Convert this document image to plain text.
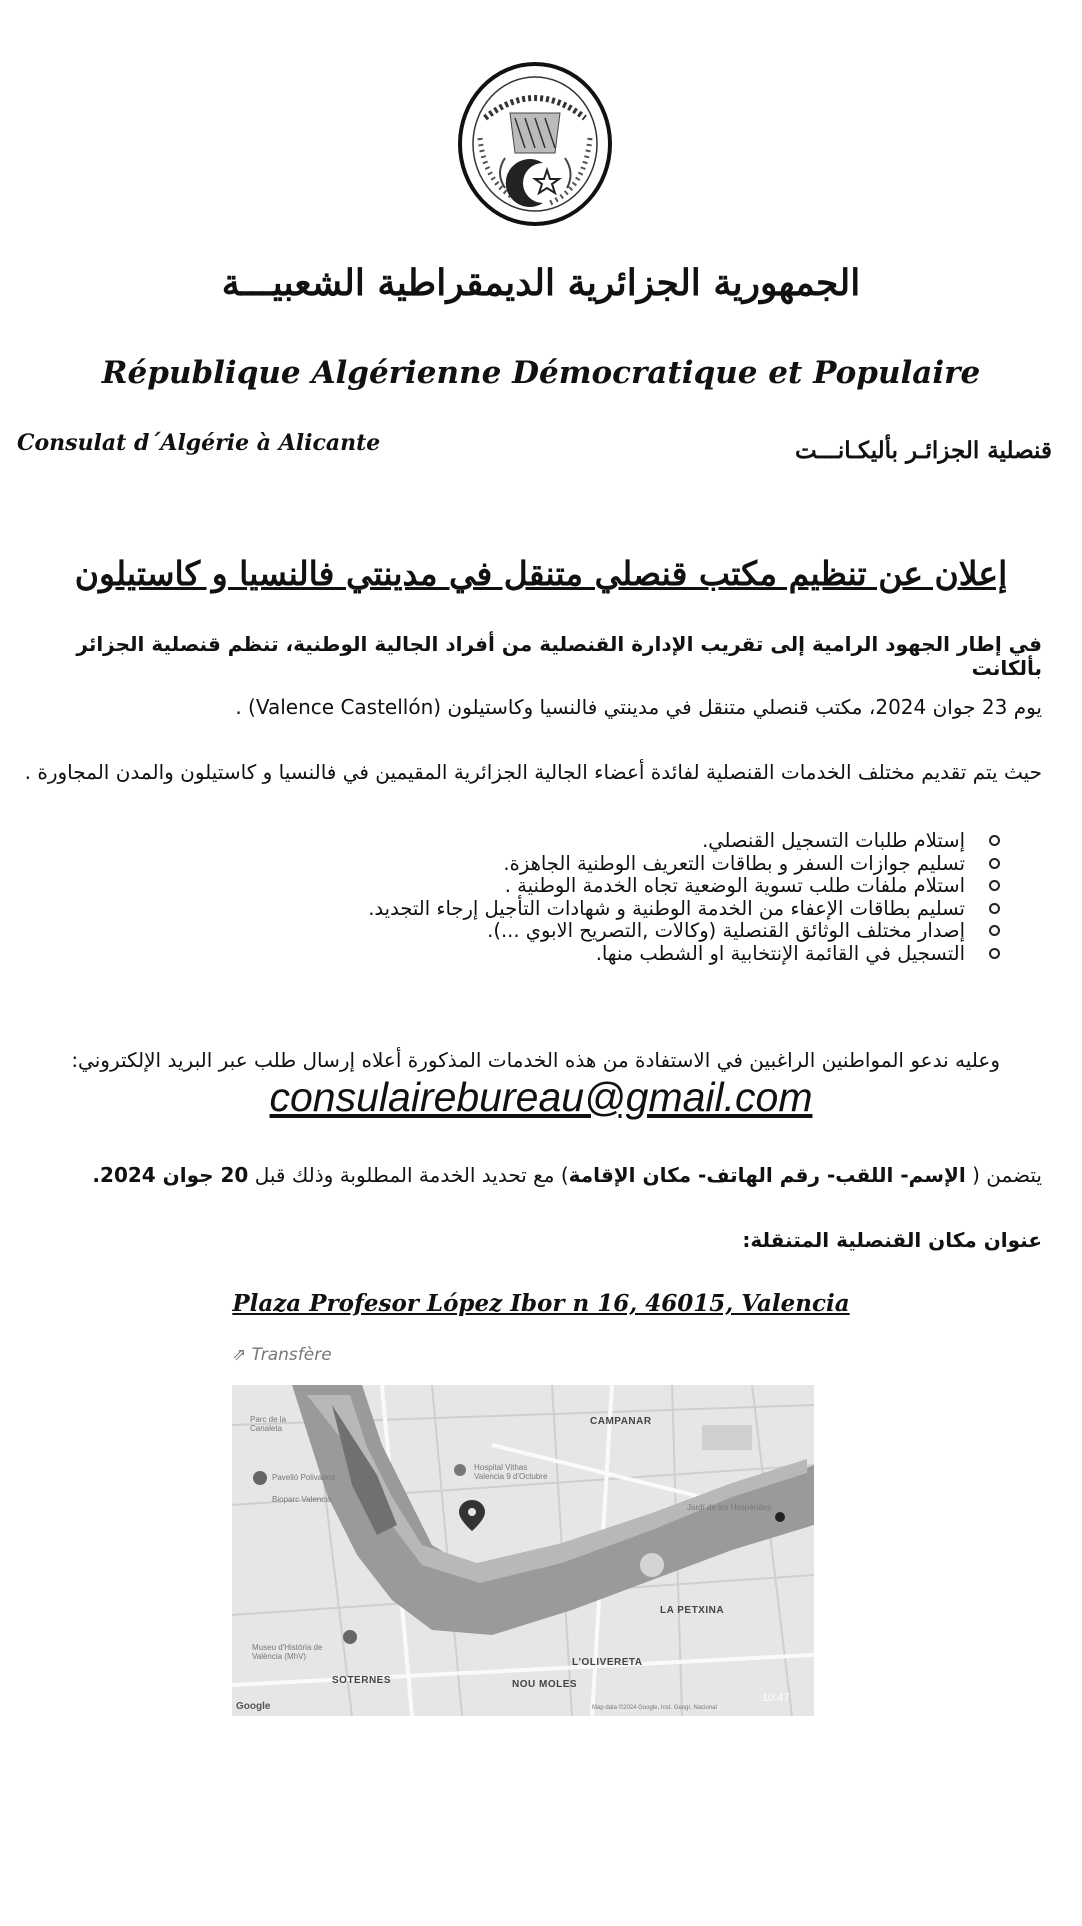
الجمهورية الجزائرية الديمقراطية الشعبيـــة
République Algérienne Démocratique et Populaire
Consulat d´Algérie à Alicante	قنصلية الجزائـر بأليكـانـــت
إعلان عن تنظيم مكتب قنصلي متنقل في مدينتي فالنسيا و كاستيلون
في إطار الجهود الرامية إلى تقريب الإدارة القنصلية من أفراد الجالية الوطنية، تنظم قنصلية الجزائر بألكانت
يوم 23 جوان 2024، مكتب قنصلي متنقل في مدينتي فالنسيا وكاستيلون (Valence Castellón) .
حيث يتم تقديم مختلف الخدمات القنصلية لفائدة أعضاء الجالية الجزائرية المقيمين في فالنسيا و كاستيلون والمدن المجاورة .
إستلام طلبات التسجيل القنصلي.
تسليم جوازات السفر و بطاقات التعريف الوطنية الجاهزة.
استلام ملفات طلب تسوية الوضعية تجاه الخدمة الوطنية .
تسليم بطاقات الإعفاء من الخدمة الوطنية و شهادات التأجيل إرجاء التجديد.
إصدار مختلف الوثائق القنصلية (وكالات ,التصريح الابوي ...).
التسجيل في القائمة الإنتخابية او الشطب منها.
وعليه ندعو المواطنين الراغبين في الاستفادة من هذه الخدمات المذكورة أعلاه إرسال طلب عبر البريد الإلكتروني:
consulairebureau@gmail.com
يتضمن ( الإسم- اللقب- رقم الهاتف- مكان الإقامة) مع تحديد الخدمة المطلوبة وذلك قبل 20 جوان 2024.
عنوان مكان القنصلية المتنقلة:
Plaza Profesor López Ibor n 16, 46015, Valencia
⇗ Transfère
CAMPANAR
LA PETXINA
L'OLIVERETA
SOTERNES	NOU MOLES
Hospital Vithas Valencia 9 d'Octubre
Pavelló Polivalent
Bioparc Valencia
Museu d'Història de València (MhV)
Parc de la Canaleta
Jardí de les Hespèrides
Google	Map data ©2024 Google, Inst. Geogr. Nacional
10:47
